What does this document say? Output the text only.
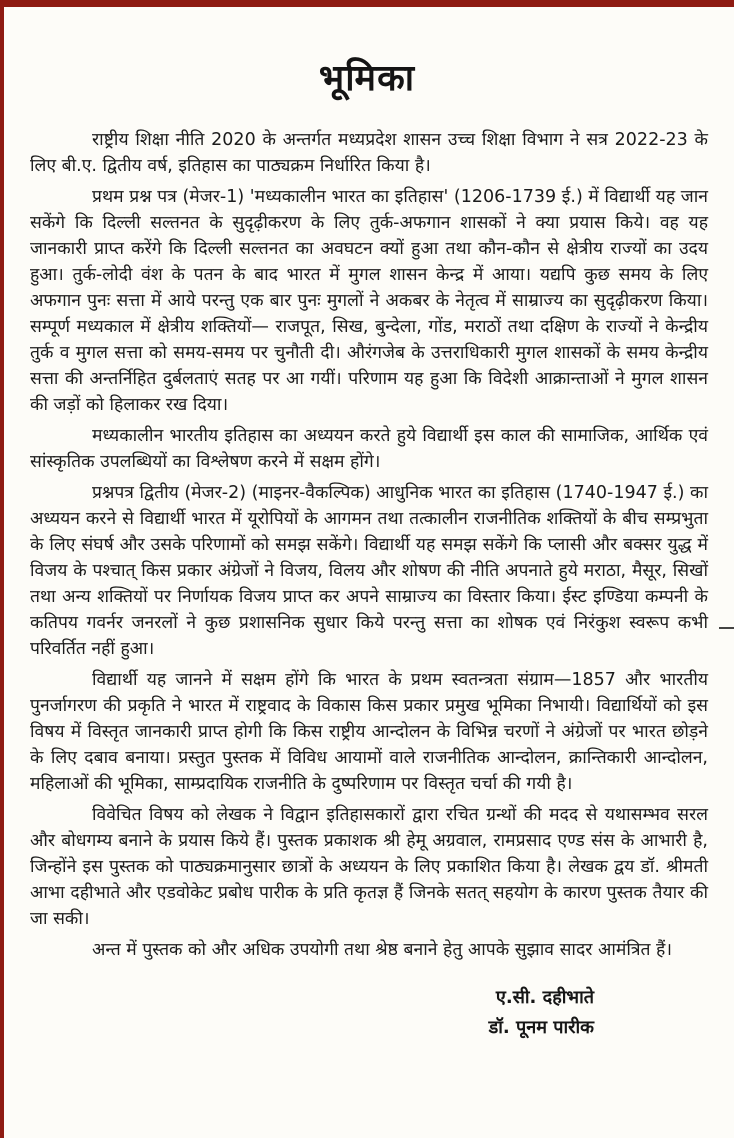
भूमिका

राष्ट्रीय शिक्षा नीति 2020 के अन्तर्गत मध्यप्रदेश शासन उच्च शिक्षा विभाग ने सत्र 2022-23 के लिए बी.ए. द्वितीय वर्ष, इतिहास का पाठ्यक्रम निर्धारित किया है।

प्रथम प्रश्न पत्र (मेजर-1) 'मध्यकालीन भारत का इतिहास' (1206-1739 ई.) में विद्यार्थी यह जान सकेंगे कि दिल्ली सल्तनत के सुदृढ़ीकरण के लिए तुर्क-अफगान शासकों ने क्या प्रयास किये। वह यह जानकारी प्राप्त करेंगे कि दिल्ली सल्तनत का अवघटन क्यों हुआ तथा कौन-कौन से क्षेत्रीय राज्यों का उदय हुआ। तुर्क-लोदी वंश के पतन के बाद भारत में मुगल शासन केन्द्र में आया। यद्यपि कुछ समय के लिए अफगान पुनः सत्ता में आये परन्तु एक बार पुनः मुगलों ने अकबर के नेतृत्व में साम्राज्य का सुदृढ़ीकरण किया। सम्पूर्ण मध्यकाल में क्षेत्रीय शक्तियों— राजपूत, सिख, बुन्देला, गोंड, मराठों तथा दक्षिण के राज्यों ने केन्द्रीय तुर्क व मुगल सत्ता को समय-समय पर चुनौती दी। औरंगजेब के उत्तराधिकारी मुगल शासकों के समय केन्द्रीय सत्ता की अन्तर्निहित दुर्बलताएं सतह पर आ गयीं। परिणाम यह हुआ कि विदेशी आक्रान्ताओं ने मुगल शासन की जड़ों को हिलाकर रख दिया।

मध्यकालीन भारतीय इतिहास का अध्ययन करते हुये विद्यार्थी इस काल की सामाजिक, आर्थिक एवं सांस्कृतिक उपलब्धियों का विश्लेषण करने में सक्षम होंगे।

प्रश्नपत्र द्वितीय (मेजर-2) (माइनर-वैकल्पिक) आधुनिक भारत का इतिहास (1740-1947 ई.) का अध्ययन करने से विद्यार्थी भारत में यूरोपियों के आगमन तथा तत्कालीन राजनीतिक शक्तियों के बीच सम्प्रभुता के लिए संघर्ष और उसके परिणामों को समझ सकेंगे। विद्यार्थी यह समझ सकेंगे कि प्लासी और बक्सर युद्ध में विजय के पश्चात् किस प्रकार अंग्रेजों ने विजय, विलय और शोषण की नीति अपनाते हुये मराठा, मैसूर, सिखों तथा अन्य शक्तियों पर निर्णायक विजय प्राप्त कर अपने साम्राज्य का विस्तार किया। ईस्ट इण्डिया कम्पनी के कतिपय गवर्नर जनरलों ने कुछ प्रशासनिक सुधार किये परन्तु सत्ता का शोषक एवं निरंकुश स्वरूप कभी परिवर्तित नहीं हुआ।

विद्यार्थी यह जानने में सक्षम होंगे कि भारत के प्रथम स्वतन्त्रता संग्राम—1857 और भारतीय पुनर्जागरण की प्रकृति ने भारत में राष्ट्रवाद के विकास किस प्रकार प्रमुख भूमिका निभायी। विद्यार्थियों को इस विषय में विस्तृत जानकारी प्राप्त होगी कि किस राष्ट्रीय आन्दोलन के विभिन्न चरणों ने अंग्रेजों पर भारत छोड़ने के लिए दबाव बनाया। प्रस्तुत पुस्तक में विविध आयामों वाले राजनीतिक आन्दोलन, क्रान्तिकारी आन्दोलन, महिलाओं की भूमिका, साम्प्रदायिक राजनीति के दुष्परिणाम पर विस्तृत चर्चा की गयी है।

विवेचित विषय को लेखक ने विद्वान इतिहासकारों द्वारा रचित ग्रन्थों की मदद से यथासम्भव सरल और बोधगम्य बनाने के प्रयास किये हैं। पुस्तक प्रकाशक श्री हेमू अग्रवाल, रामप्रसाद एण्ड संस के आभारी है, जिन्होंने इस पुस्तक को पाठ्यक्रमानुसार छात्रों के अध्ययन के लिए प्रकाशित किया है। लेखक द्वय डॉ. श्रीमती आभा दहीभाते और एडवोकेट प्रबोध पारीक के प्रति कृतज्ञ हैं जिनके सतत् सहयोग के कारण पुस्तक तैयार की जा सकी।

अन्त में पुस्तक को और अधिक उपयोगी तथा श्रेष्ठ बनाने हेतु आपके सुझाव सादर आमंत्रित हैं।

ए.सी. दहीभाते
डॉ. पूनम पारीक
